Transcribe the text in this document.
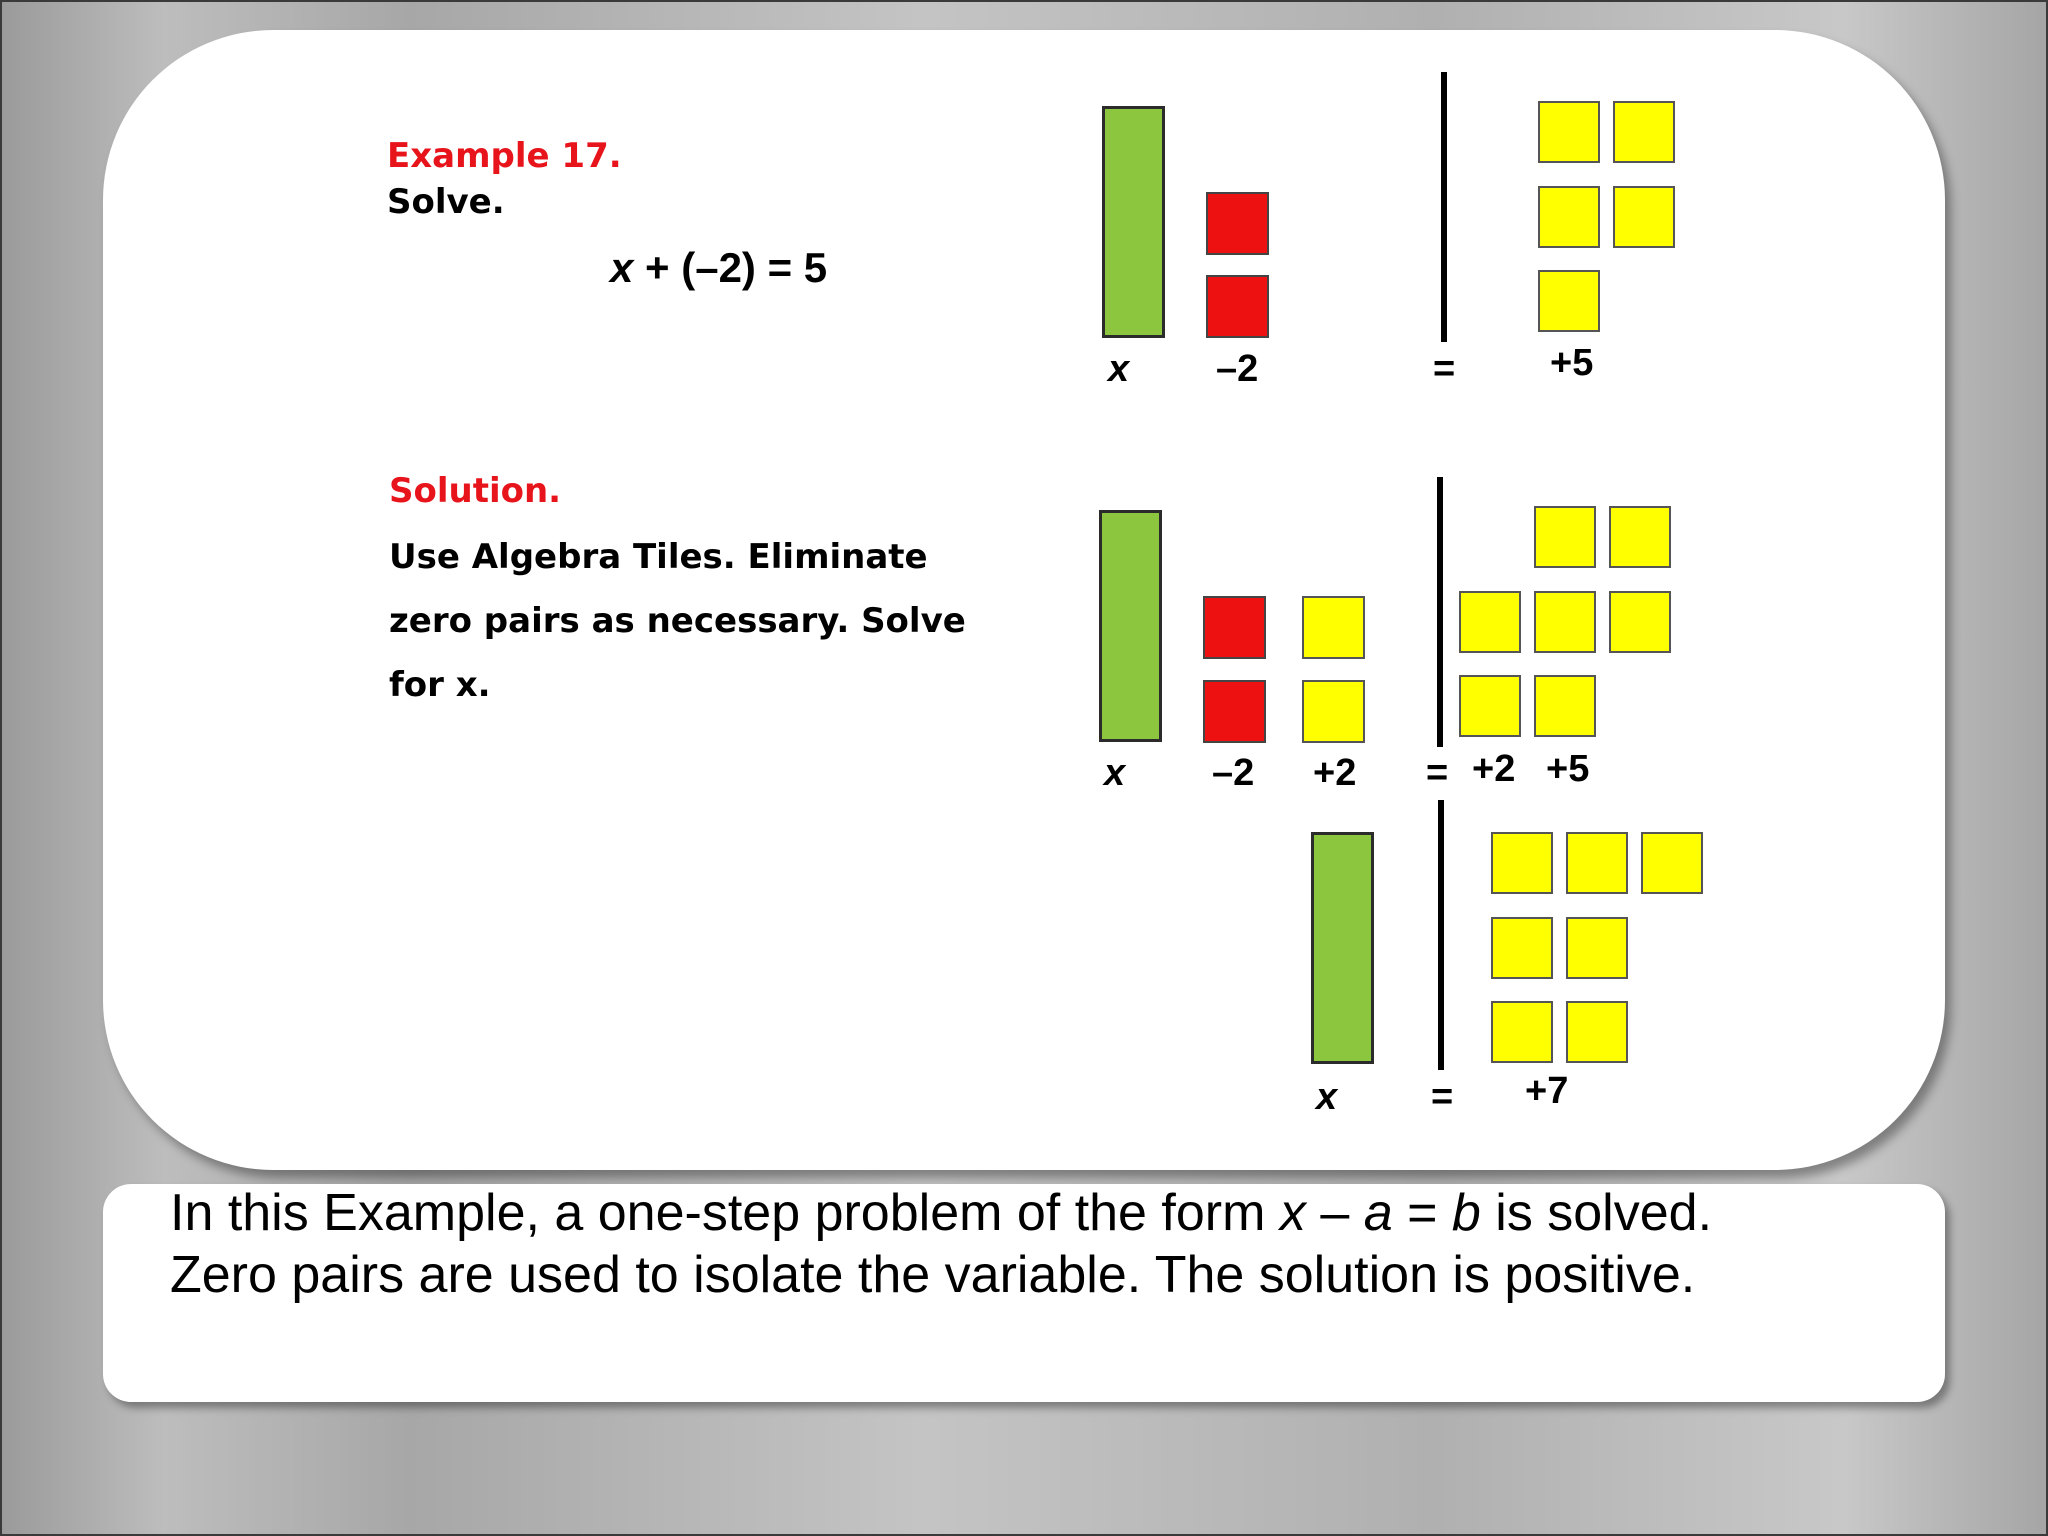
Example 17.
Solve.
x + (–2) = 5
Solution.
Use Algebra Tiles. Eliminate
zero pairs as necessary. Solve
for x.
x –2	= +5
x –2 +2 = +2 +5
x = +7
In this Example, a one-step problem of the form x – a = b is solved.
Zero pairs are used to isolate the variable. The solution is positive.
